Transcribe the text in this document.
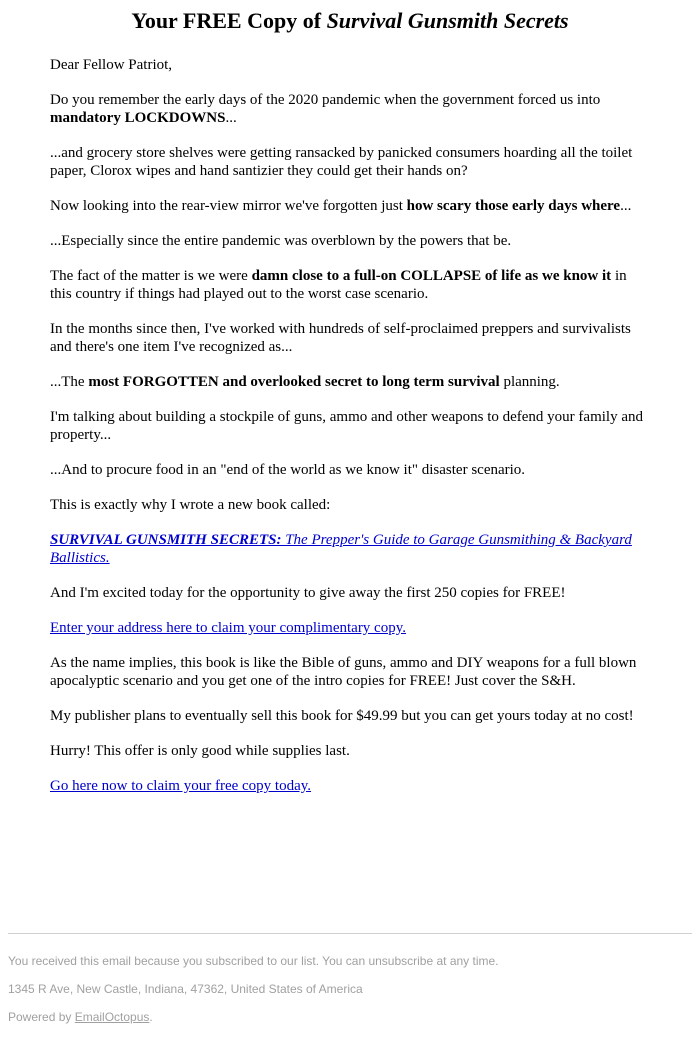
Your FREE Copy of Survival Gunsmith Secrets

Dear Fellow Patriot,

Do you remember the early days of the 2020 pandemic when the government forced us into mandatory LOCKDOWNS...

...and grocery store shelves were getting ransacked by panicked consumers hoarding all the toilet paper, Clorox wipes and hand santizier they could get their hands on?

Now looking into the rear-view mirror we've forgotten just how scary those early days where...

...Especially since the entire pandemic was overblown by the powers that be.

The fact of the matter is we were damn close to a full-on COLLAPSE of life as we know it in this country if things had played out to the worst case scenario.

In the months since then, I've worked with hundreds of self-proclaimed preppers and survivalists and there's one item I've recognized as...

...The most FORGOTTEN and overlooked secret to long term survival planning.

I'm talking about building a stockpile of guns, ammo and other weapons to defend your family and property...

...And to procure food in an "end of the world as we know it" disaster scenario.

This is exactly why I wrote a new book called:

SURVIVAL GUNSMITH SECRETS: The Prepper's Guide to Garage Gunsmithing & Backyard Ballistics.

And I'm excited today for the opportunity to give away the first 250 copies for FREE!

Enter your address here to claim your complimentary copy.

As the name implies, this book is like the Bible of guns, ammo and DIY weapons for a full blown apocalyptic scenario and you get one of the intro copies for FREE! Just cover the S&H.

My publisher plans to eventually sell this book for $49.99 but you can get yours today at no cost!

Hurry! This offer is only good while supplies last.

Go here now to claim your free copy today.

You received this email because you subscribed to our list. You can unsubscribe at any time.

1345 R Ave, New Castle, Indiana, 47362, United States of America

Powered by EmailOctopus.
